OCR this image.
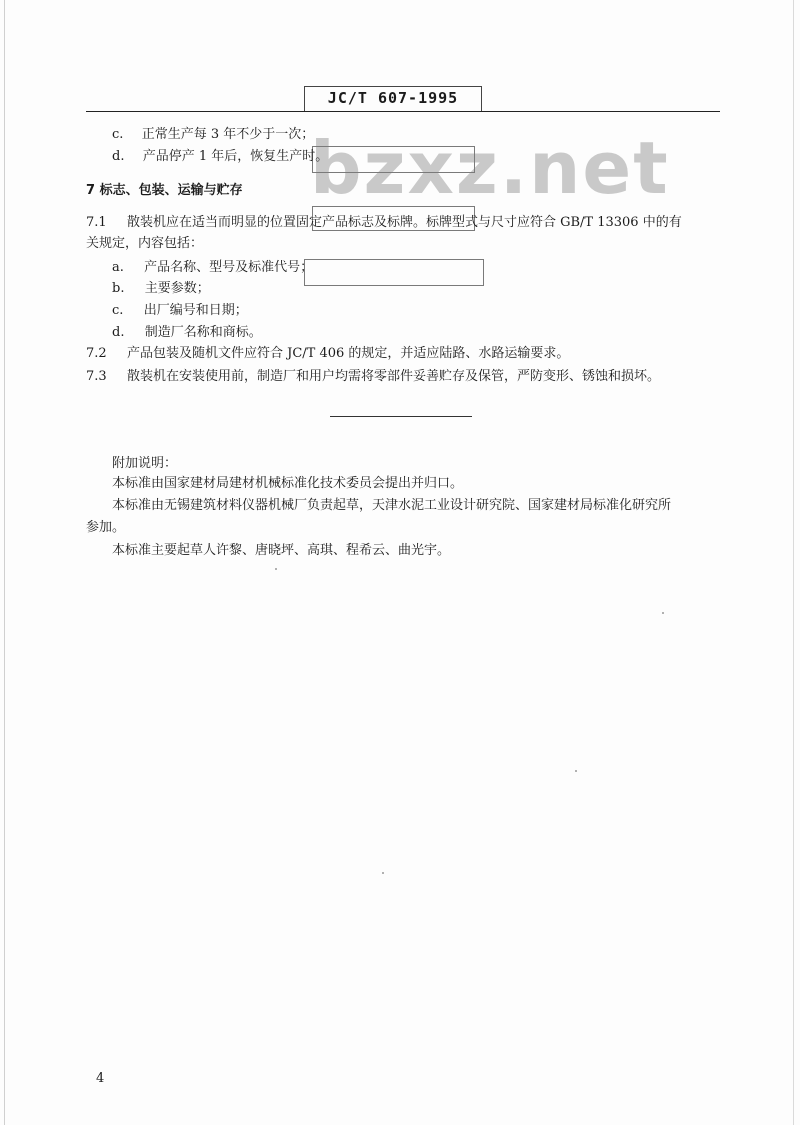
JC/T 607-1995
bzxz.net
c. 正常生产每 3 年不少于一次；
d. 产品停产 1 年后，恢复生产时。
7 标志、包装、运输与贮存
7.1 散装机应在适当而明显的位置固定产品标志及标牌。标牌型式与尺寸应符合 GB/T 13306 中的有
关规定，内容包括：
a. 产品名称、型号及标准代号；
b. 主要参数；
c. 出厂编号和日期；
d. 制造厂名称和商标。
7.2 产品包装及随机文件应符合 JC/T 406 的规定，并适应陆路、水路运输要求。
7.3 散装机在安装使用前，制造厂和用户均需将零部件妥善贮存及保管，严防变形、锈蚀和损坏。
附加说明：
本标准由国家建材局建材机械标准化技术委员会提出并归口。
本标准由无锡建筑材料仪器机械厂负责起草，天津水泥工业设计研究院、国家建材局标准化研究所
参加。
本标准主要起草人许黎、唐晓坪、高琪、程希云、曲光宇。
4
